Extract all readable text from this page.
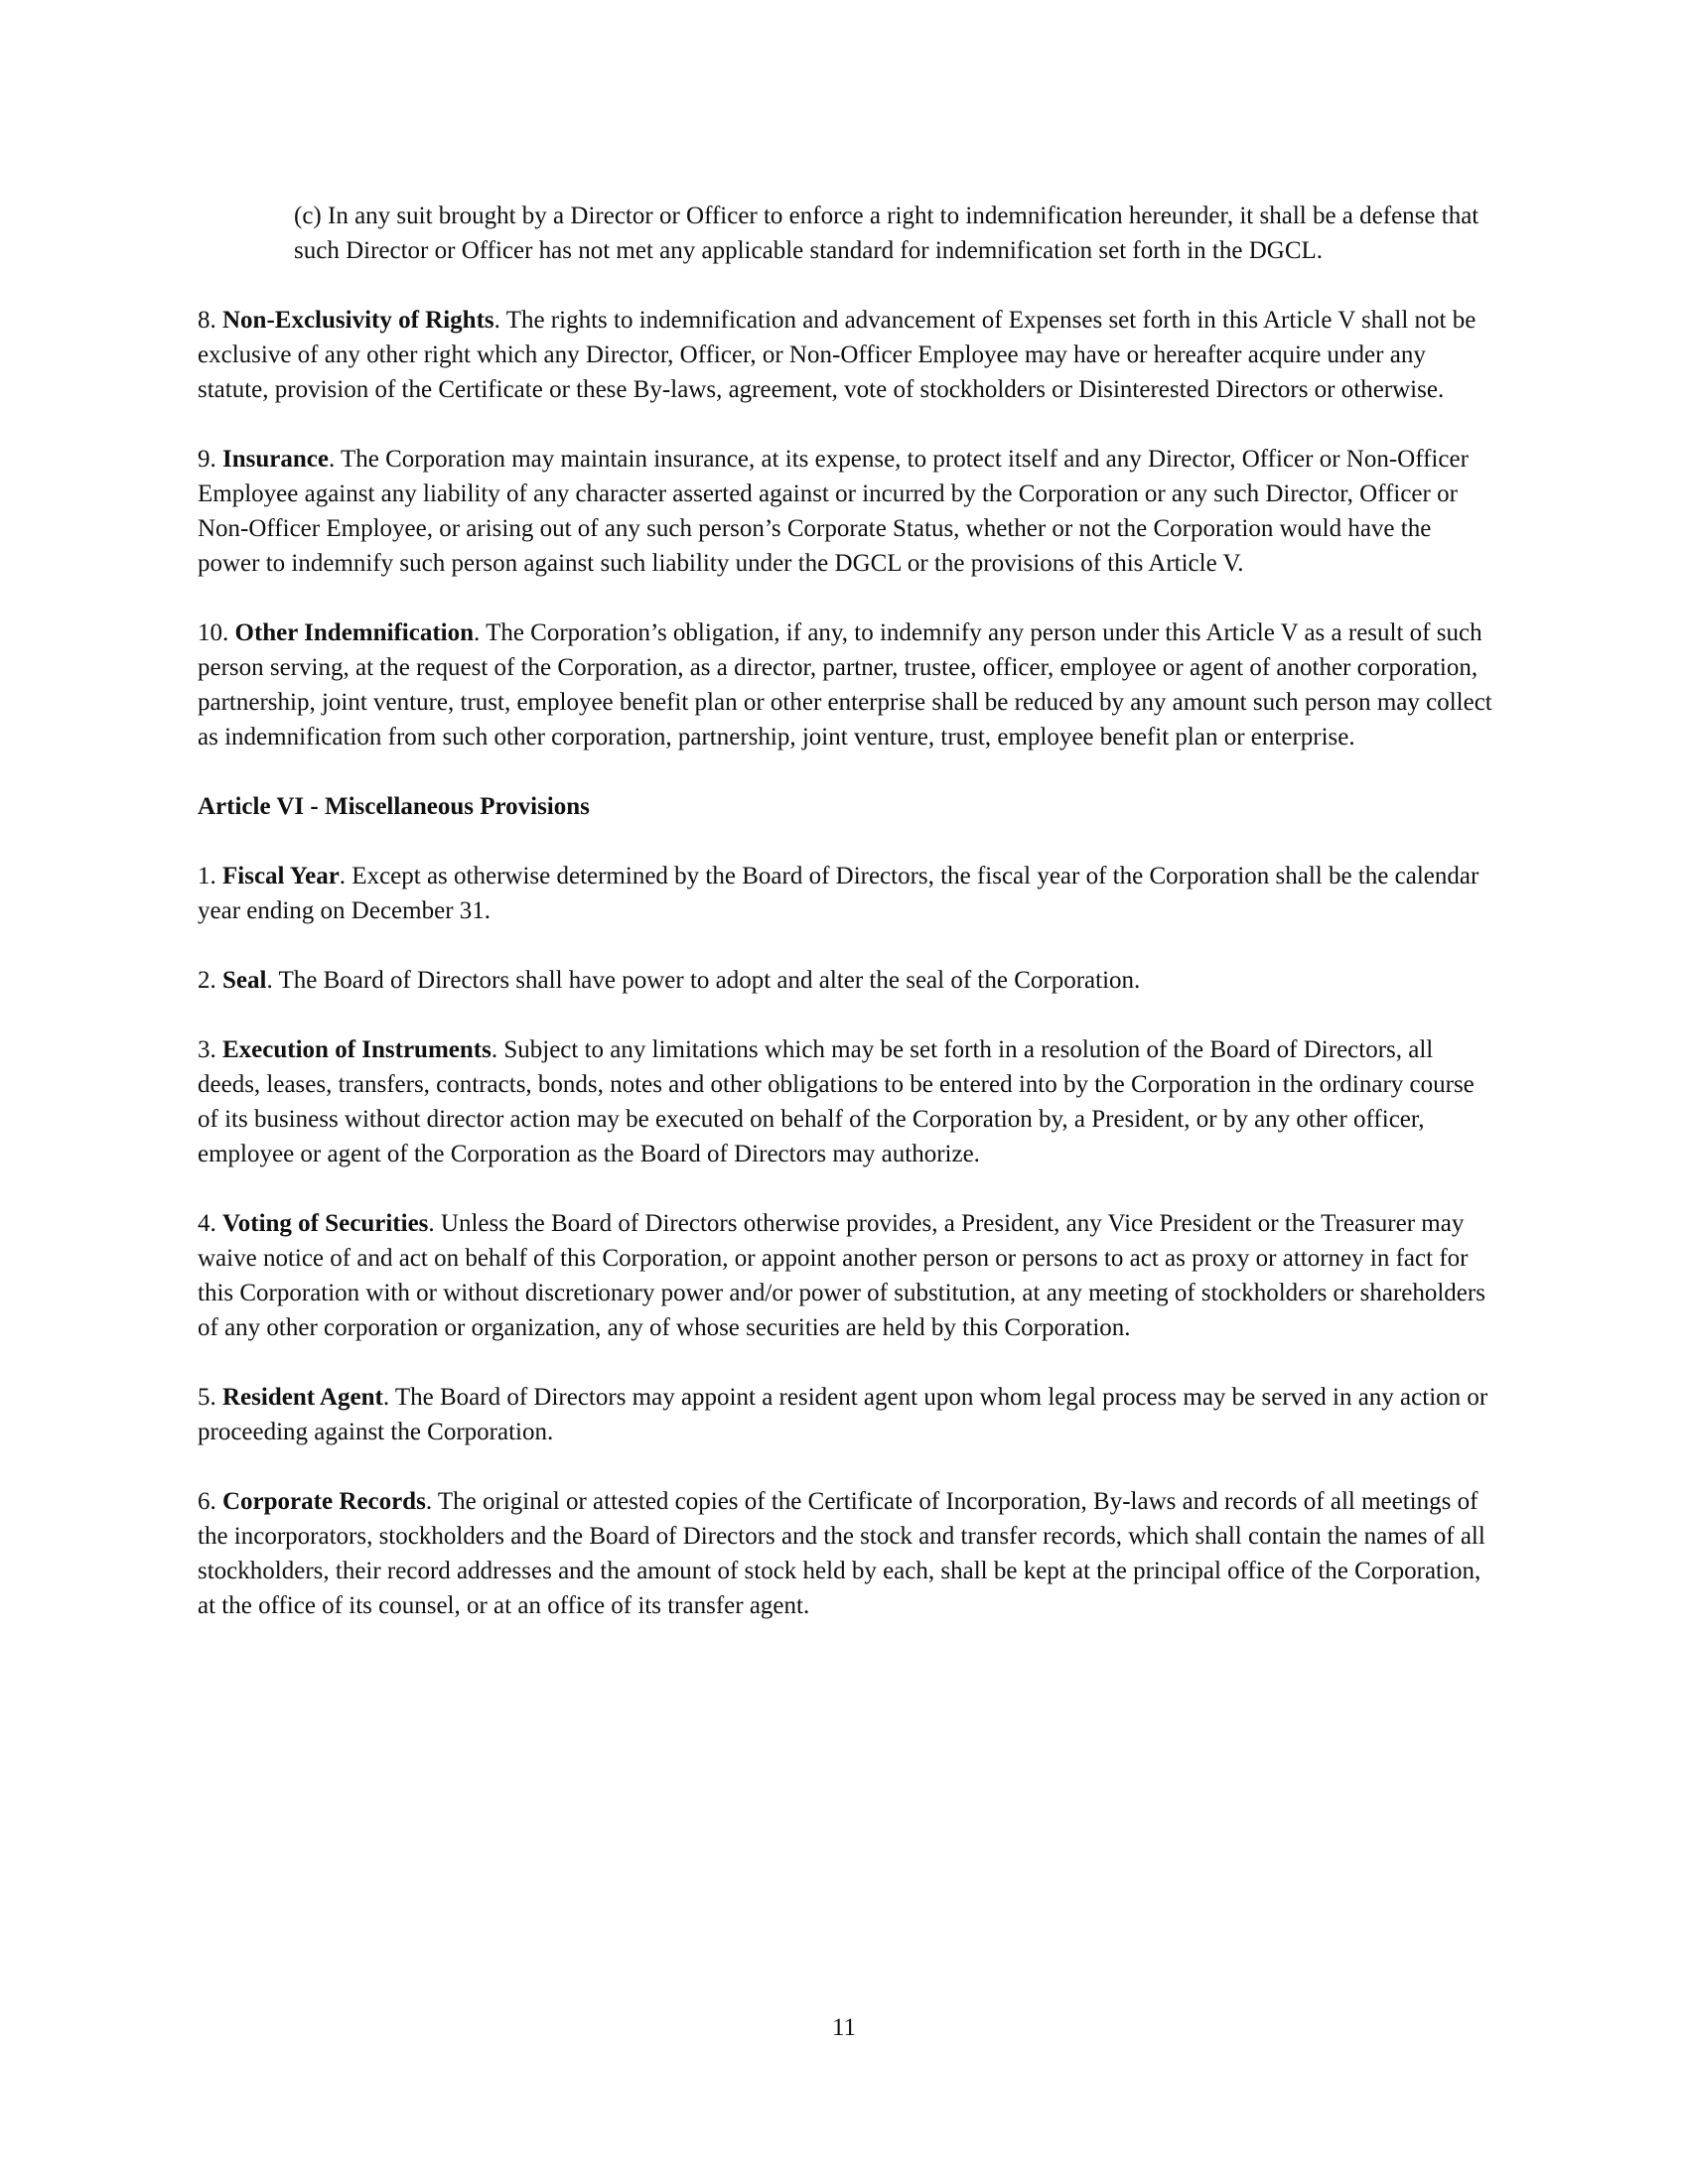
(c) In any suit brought by a Director or Officer to enforce a right to indemnification hereunder, it shall be a defense that such Director or Officer has not met any applicable standard for indemnification set forth in the DGCL.

8. Non-Exclusivity of Rights. The rights to indemnification and advancement of Expenses set forth in this Article V shall not be exclusive of any other right which any Director, Officer, or Non-Officer Employee may have or hereafter acquire under any statute, provision of the Certificate or these By-laws, agreement, vote of stockholders or Disinterested Directors or otherwise.

9. Insurance. The Corporation may maintain insurance, at its expense, to protect itself and any Director, Officer or Non-Officer Employee against any liability of any character asserted against or incurred by the Corporation or any such Director, Officer or Non-Officer Employee, or arising out of any such person’s Corporate Status, whether or not the Corporation would have the power to indemnify such person against such liability under the DGCL or the provisions of this Article V.

10. Other Indemnification. The Corporation’s obligation, if any, to indemnify any person under this Article V as a result of such person serving, at the request of the Corporation, as a director, partner, trustee, officer, employee or agent of another corporation, partnership, joint venture, trust, employee benefit plan or other enterprise shall be reduced by any amount such person may collect as indemnification from such other corporation, partnership, joint venture, trust, employee benefit plan or enterprise.

Article VI - Miscellaneous Provisions

1. Fiscal Year. Except as otherwise determined by the Board of Directors, the fiscal year of the Corporation shall be the calendar year ending on December 31.

2. Seal. The Board of Directors shall have power to adopt and alter the seal of the Corporation.

3. Execution of Instruments. Subject to any limitations which may be set forth in a resolution of the Board of Directors, all deeds, leases, transfers, contracts, bonds, notes and other obligations to be entered into by the Corporation in the ordinary course of its business without director action may be executed on behalf of the Corporation by, a President, or by any other officer, employee or agent of the Corporation as the Board of Directors may authorize.

4. Voting of Securities. Unless the Board of Directors otherwise provides, a President, any Vice President or the Treasurer may waive notice of and act on behalf of this Corporation, or appoint another person or persons to act as proxy or attorney in fact for this Corporation with or without discretionary power and/or power of substitution, at any meeting of stockholders or shareholders of any other corporation or organization, any of whose securities are held by this Corporation.

5. Resident Agent. The Board of Directors may appoint a resident agent upon whom legal process may be served in any action or proceeding against the Corporation.

6. Corporate Records. The original or attested copies of the Certificate of Incorporation, By-laws and records of all meetings of the incorporators, stockholders and the Board of Directors and the stock and transfer records, which shall contain the names of all stockholders, their record addresses and the amount of stock held by each, shall be kept at the principal office of the Corporation, at the office of its counsel, or at an office of its transfer agent.

11
